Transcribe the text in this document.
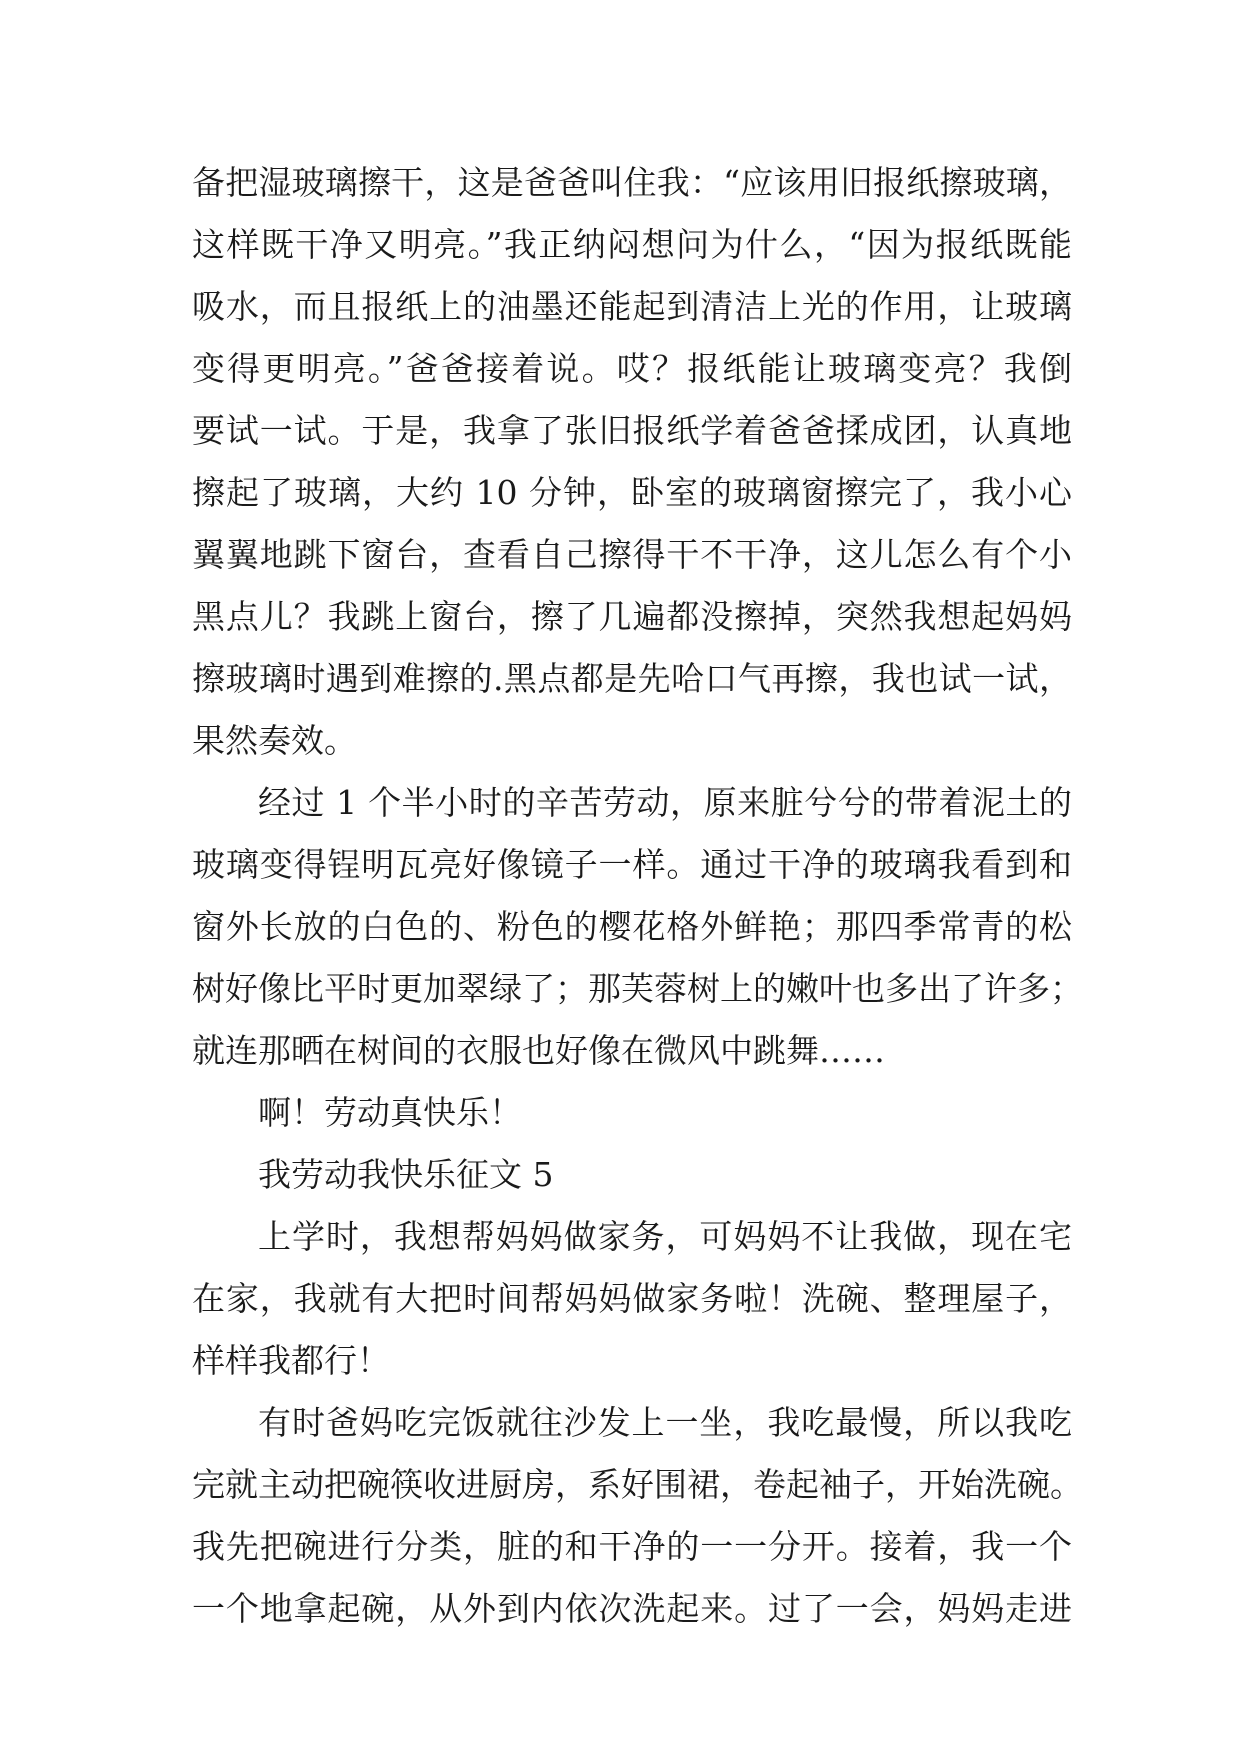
备把湿玻璃擦干，这是爸爸叫住我：“应该用旧报纸擦玻璃，
这样既干净又明亮。”我正纳闷想问为什么，“因为报纸既能
吸水，而且报纸上的油墨还能起到清洁上光的作用，让玻璃
变得更明亮。”爸爸接着说。哎？报纸能让玻璃变亮？我倒
要试一试。于是，我拿了张旧报纸学着爸爸揉成团，认真地
擦起了玻璃，大约 10 分钟，卧室的玻璃窗擦完了，我小心
翼翼地跳下窗台，查看自己擦得干不干净，这儿怎么有个小
黑点儿？我跳上窗台，擦了几遍都没擦掉，突然我想起妈妈
擦玻璃时遇到难擦的.黑点都是先哈口气再擦，我也试一试，
果然奏效。
经过 1 个半小时的辛苦劳动，原来脏兮兮的带着泥土的
玻璃变得锃明瓦亮好像镜子一样。通过干净的玻璃我看到和
窗外长放的白色的、粉色的樱花格外鲜艳；那四季常青的松
树好像比平时更加翠绿了；那芙蓉树上的嫩叶也多出了许多；
就连那晒在树间的衣服也好像在微风中跳舞……
啊！劳动真快乐！
我劳动我快乐征文 5
上学时，我想帮妈妈做家务，可妈妈不让我做，现在宅
在家，我就有大把时间帮妈妈做家务啦！洗碗、整理屋子，
样样我都行！
有时爸妈吃完饭就往沙发上一坐，我吃最慢，所以我吃
完就主动把碗筷收进厨房，系好围裙，卷起袖子，开始洗碗。
我先把碗进行分类，脏的和干净的一一分开。接着，我一个
一个地拿起碗，从外到内依次洗起来。过了一会，妈妈走进
